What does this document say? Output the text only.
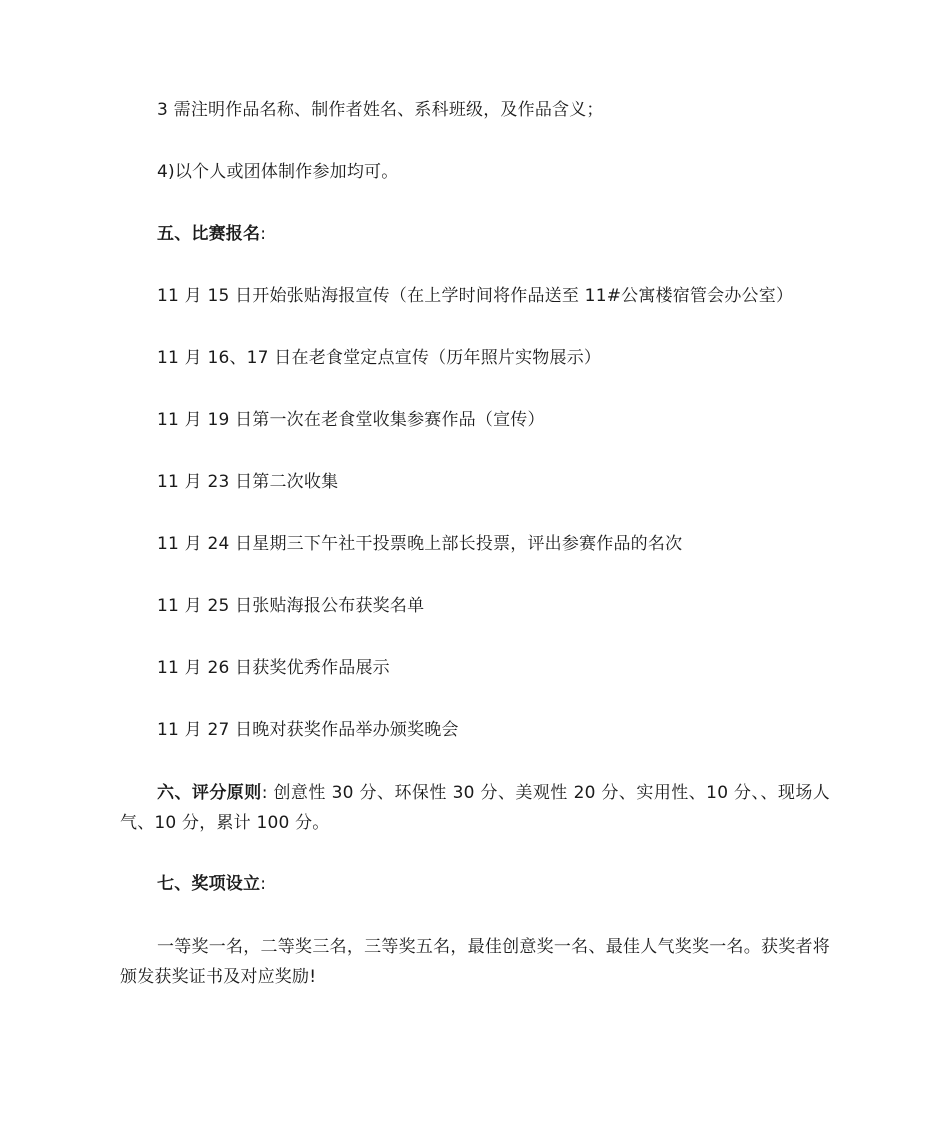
3 需注明作品名称、制作者姓名、系科班级，及作品含义；
4)以个人或团体制作参加均可。
五、比赛报名:
11 月 15 日开始张贴海报宣传（在上学时间将作品送至 11#公寓楼宿管会办公室）
11 月 16、17 日在老食堂定点宣传（历年照片实物展示）
11 月 19 日第一次在老食堂收集参赛作品（宣传）
11 月 23 日第二次收集
11 月 24 日星期三下午社干投票晚上部长投票，评出参赛作品的名次
11 月 25 日张贴海报公布获奖名单
11 月 26 日获奖优秀作品展示
11 月 27 日晚对获奖作品举办颁奖晚会
六、评分原则: 创意性 30 分、环保性 30 分、美观性 20 分、实用性、10 分、、现场人气、10 分，累计 100 分。
七、奖项设立:
一等奖一名，二等奖三名，三等奖五名，最佳创意奖一名、最佳人气奖奖一名。获奖者将颁发获奖证书及对应奖励!
